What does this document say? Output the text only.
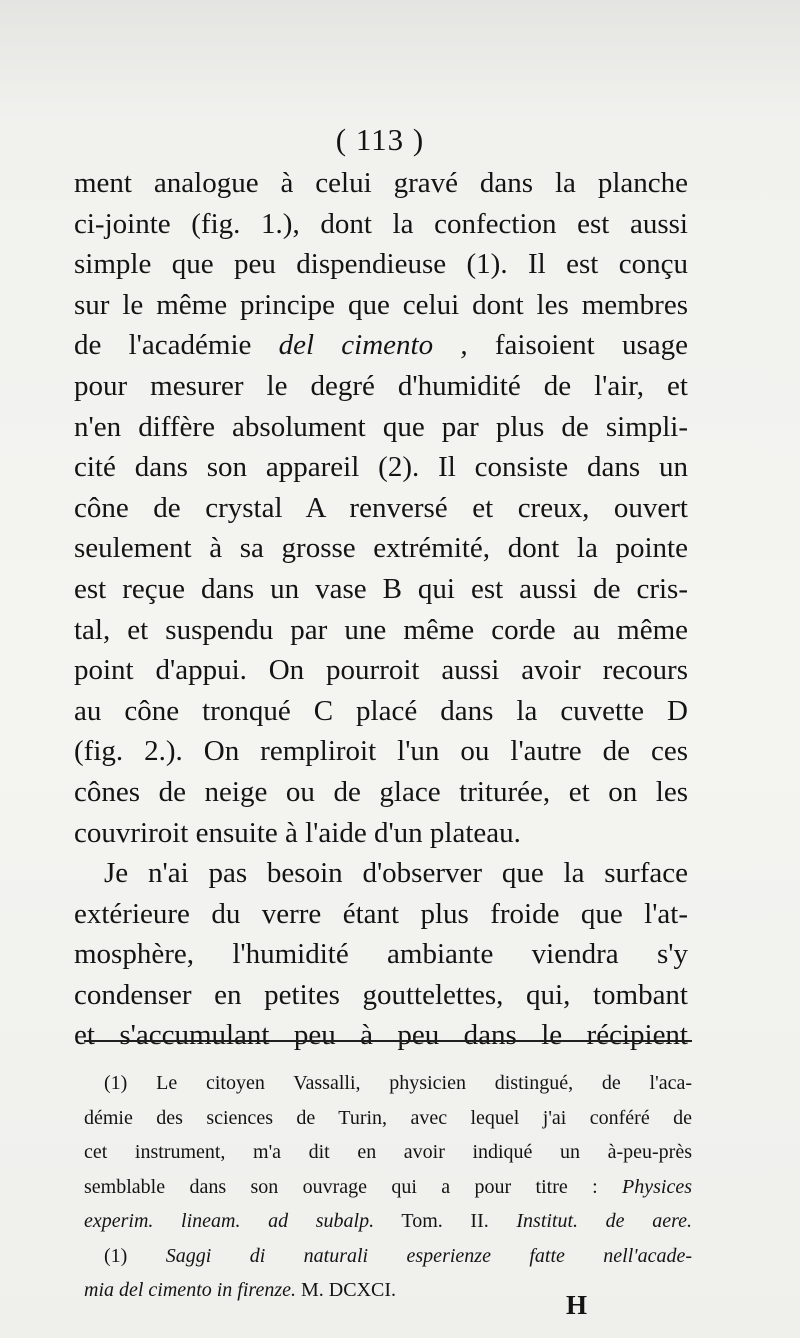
( 113 )
ment analogue à celui gravé dans la planche
ci-jointe (fig. 1.), dont la confection est aussi
simple que peu dispendieuse (1). Il est conçu
sur le même principe que celui dont les membres
de l'académie del cimento , faisoient usage
pour mesurer le degré d'humidité de l'air, et
n'en diffère absolument que par plus de simpli-
cité dans son appareil (2). Il consiste dans un
cône de crystal A renversé et creux, ouvert
seulement à sa grosse extrémité, dont la pointe
est reçue dans un vase B qui est aussi de cris-
tal, et suspendu par une même corde au même
point d'appui. On pourroit aussi avoir recours
au cône tronqué C placé dans la cuvette D
(fig. 2.). On rempliroit l'un ou l'autre de ces
cônes de neige ou de glace triturée, et on les
couvriroit ensuite à l'aide d'un plateau.
Je n'ai pas besoin d'observer que la surface
extérieure du verre étant plus froide que l'at-
mosphère, l'humidité ambiante viendra s'y
condenser en petites gouttelettes, qui, tombant
et s'accumulant peu à peu dans le récipient
(1) Le citoyen Vassalli, physicien distingué, de l'aca-
démie des sciences de Turin, avec lequel j'ai conféré de
cet instrument, m'a dit en avoir indiqué un à-peu-près
semblable dans son ouvrage qui a pour titre : Physices
experim. lineam. ad subalp. Tom. II. Institut. de aere.
(1) Saggi di naturali esperienze fatte nell'acade-
mia del cimento in firenze. M. DCXCI.	H
